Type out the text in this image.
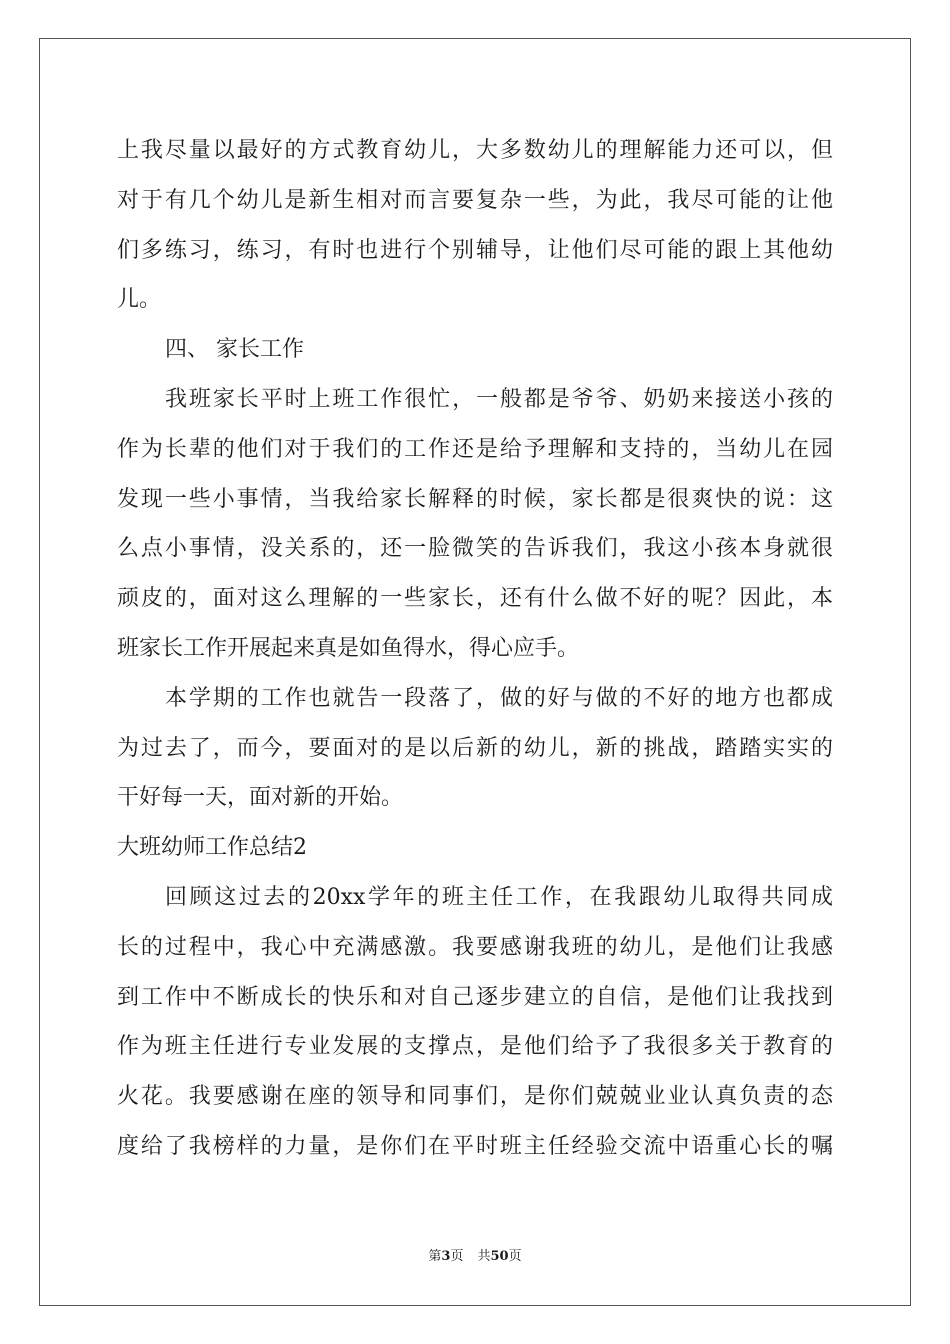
上我尽量以最好的方式教育幼儿，大多数幼儿的理解能力还可以，但
对于有几个幼儿是新生相对而言要复杂一些，为此，我尽可能的让他
们多练习，练习，有时也进行个别辅导，让他们尽可能的跟上其他幼
儿。
四、 家长工作
我班家长平时上班工作很忙，一般都是爷爷、奶奶来接送小孩的
作为长辈的他们对于我们的工作还是给予理解和支持的，当幼儿在园
发现一些小事情，当我给家长解释的时候，家长都是很爽快的说：这
么点小事情，没关系的，还一脸微笑的告诉我们，我这小孩本身就很
顽皮的，面对这么理解的一些家长，还有什么做不好的呢？因此，本
班家长工作开展起来真是如鱼得水，得心应手。
本学期的工作也就告一段落了，做的好与做的不好的地方也都成
为过去了，而今，要面对的是以后新的幼儿，新的挑战，踏踏实实的
干好每一天，面对新的开始。
大班幼师工作总结2
回顾这过去的20xx学年的班主任工作，在我跟幼儿取得共同成
长的过程中，我心中充满感激。我要感谢我班的幼儿，是他们让我感
到工作中不断成长的快乐和对自己逐步建立的自信，是他们让我找到
作为班主任进行专业发展的支撑点，是他们给予了我很多关于教育的
火花。我要感谢在座的领导和同事们，是你们兢兢业业认真负责的态
度给了我榜样的力量，是你们在平时班主任经验交流中语重心长的嘱
第3页 共50页
